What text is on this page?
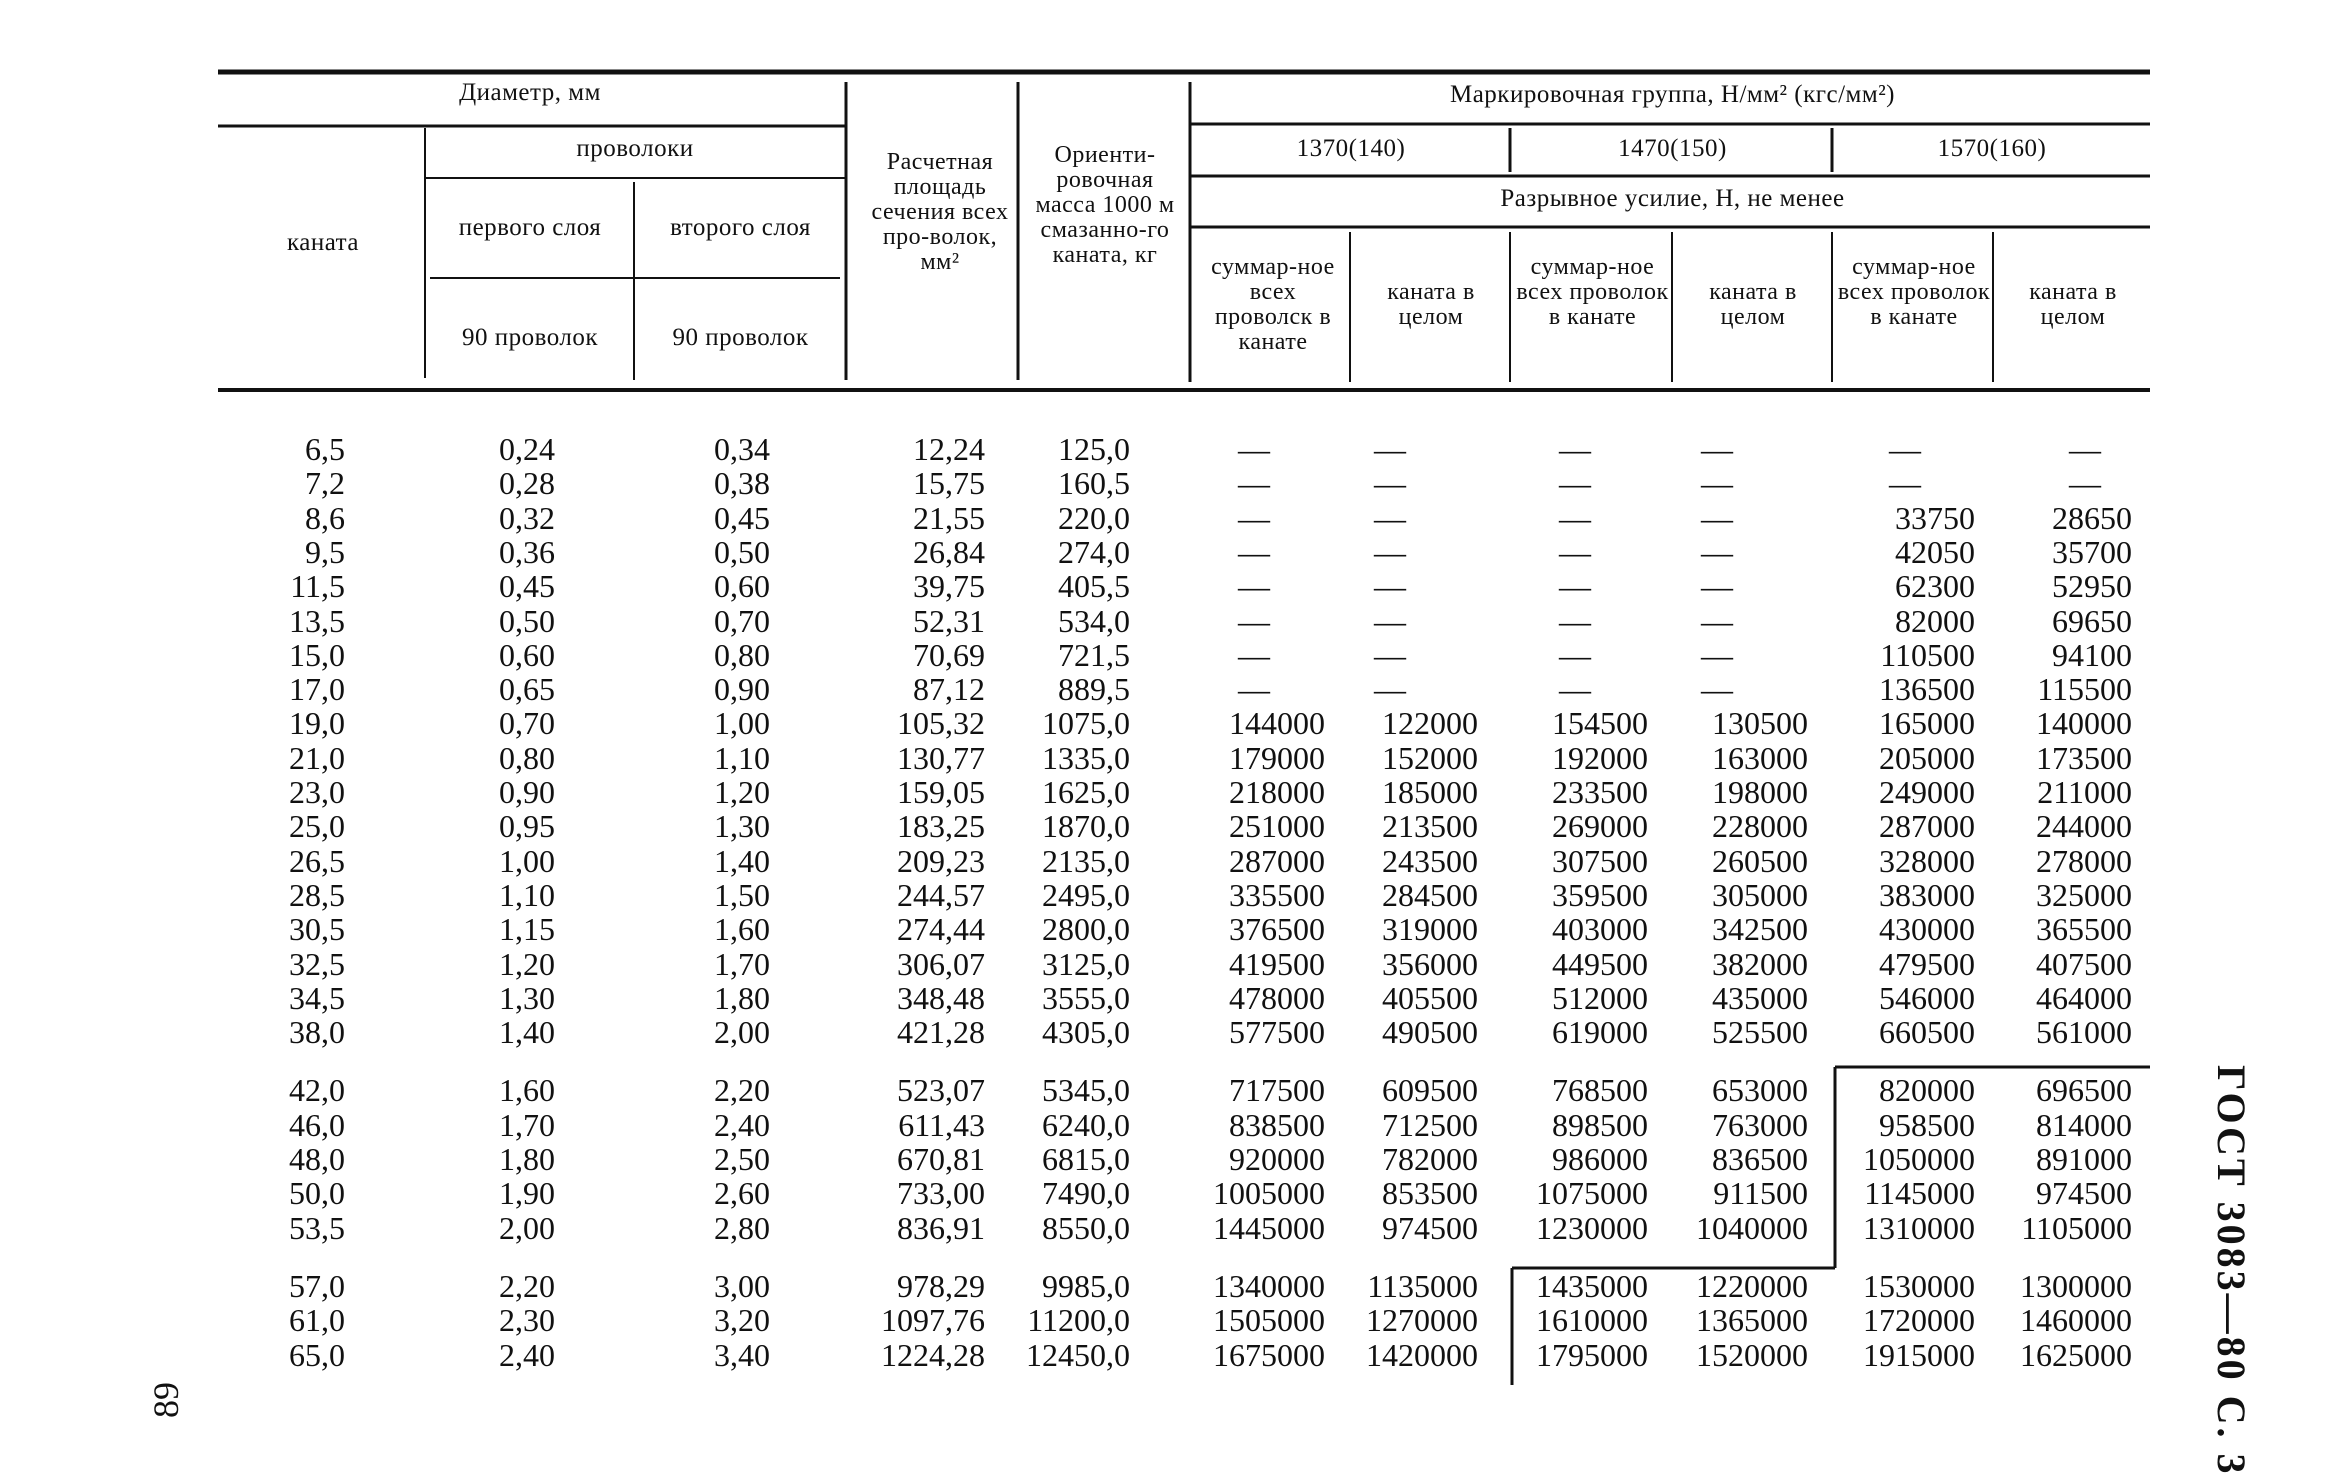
Диаметр, мм
каната
проволоки
первого слоя	второго слоя
90 проволок	90 проволок
Расчетная площадь сечения всех про-волок, мм²
Ориенти-ровочная масса 1000 м смазанно-го каната, кг
Маркировочная группа, Н/мм² (кгс/мм²)
1370(140)	1470(150)	1570(160)
Разрывное усилие, Н, не менее
суммар-ное всех проволск в канате
каната в целом
суммар-ное всех проволок в канате
каната в целом
суммар-ное всех проволок в канате
каната в целом
6,5	0,24	0,34	12,24	125,0	—	—	—	—	—	—
7,2	0,28	0,38	15,75	160,5	—	—	—	—	—	—
8,6	0,32	0,45	21,55	220,0	—	—	—	—	33750	28650
9,5	0,36	0,50	26,84	274,0	—	—	—	—	42050	35700
11,5	0,45	0,60	39,75	405,5	—	—	—	—	62300	52950
13,5	0,50	0,70	52,31	534,0	—	—	—	—	82000	69650
15,0	0,60	0,80	70,69	721,5	—	—	—	—	110500	94100
17,0	0,65	0,90	87,12	889,5	—	—	—	—	136500	115500
19,0	0,70	1,00	105,32	1075,0	144000	122000	154500	130500	165000	140000
21,0	0,80	1,10	130,77	1335,0	179000	152000	192000	163000	205000	173500
23,0	0,90	1,20	159,05	1625,0	218000	185000	233500	198000	249000	211000
25,0	0,95	1,30	183,25	1870,0	251000	213500	269000	228000	287000	244000
26,5	1,00	1,40	209,23	2135,0	287000	243500	307500	260500	328000	278000
28,5	1,10	1,50	244,57	2495,0	335500	284500	359500	305000	383000	325000
30,5	1,15	1,60	274,44	2800,0	376500	319000	403000	342500	430000	365500
32,5	1,20	1,70	306,07	3125,0	419500	356000	449500	382000	479500	407500
34,5	1,30	1,80	348,48	3555,0	478000	405500	512000	435000	546000	464000
38,0	1,40	2,00	421,28	4305,0	577500	490500	619000	525500	660500	561000
42,0	1,60	2,20	523,07	5345,0	717500	609500	768500	653000	820000	696500
46,0	1,70	2,40	611,43	6240,0	838500	712500	898500	763000	958500	814000
48,0	1,80	2,50	670,81	6815,0	920000	782000	986000	836500	1050000	891000
50,0	1,90	2,60	733,00	7490,0	1005000	853500	1075000	911500	1145000	974500
53,5	2,00	2,80	836,91	8550,0	1445000	974500	1230000	1040000	1310000	1105000
57,0	2,20	3,00	978,29	9985,0	1340000	1135000	1435000	1220000	1530000	1300000
61,0	2,30	3,20	1097,76	11200,0	1505000	1270000	1610000	1365000	1720000	1460000
65,0	2,40	3,40	1224,28	12450,0	1675000	1420000	1795000	1520000	1915000	1625000 ГОСТ 3083—80 С. 3
89
